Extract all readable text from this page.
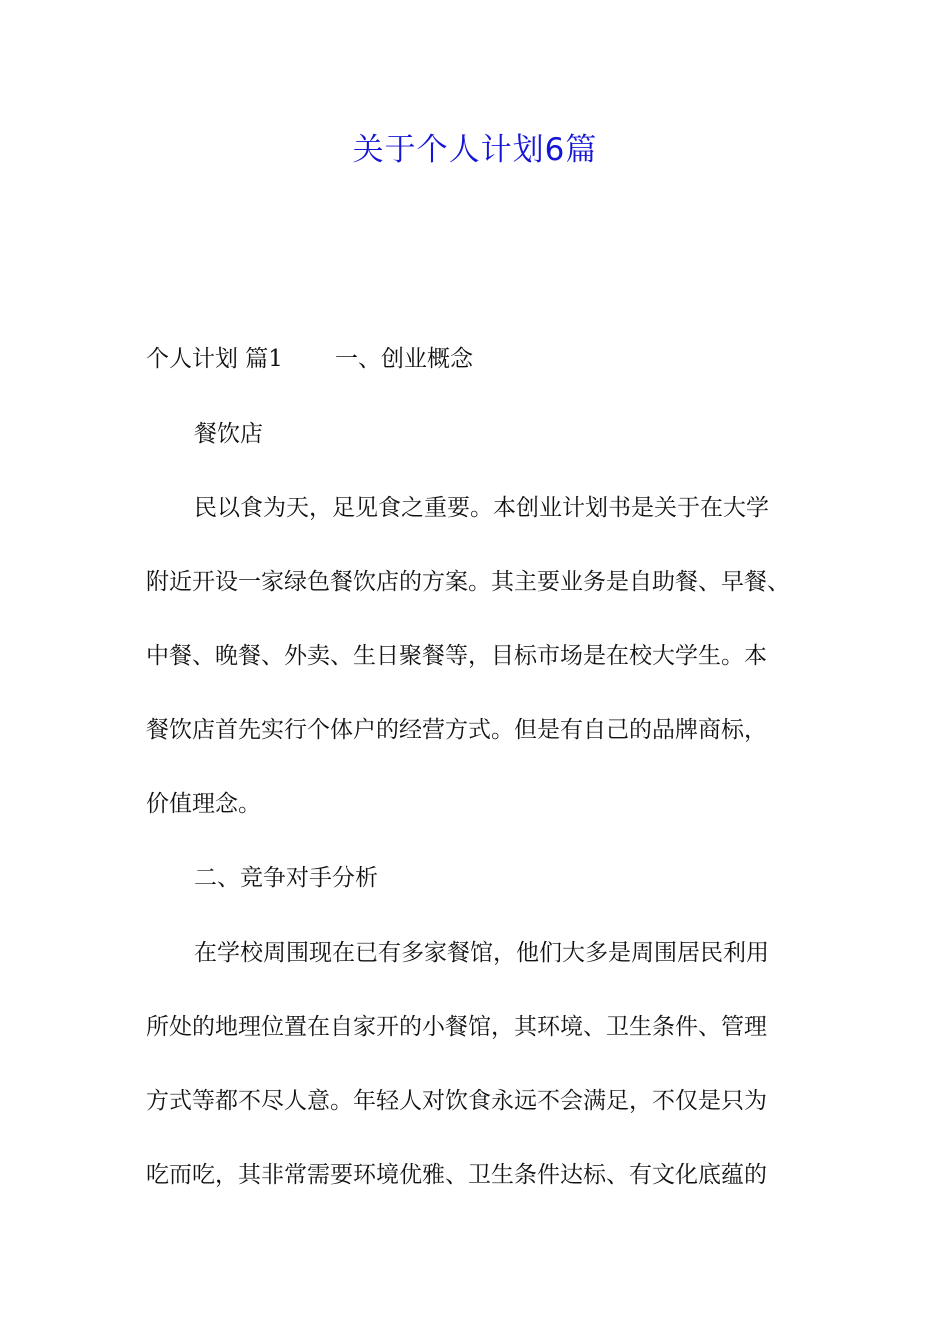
关于个人计划6篇

个人计划 篇1 一、创业概念

餐饮店

民以食为天，足见食之重要。本创业计划书是关于在大学

附近开设一家绿色餐饮店的方案。其主要业务是自助餐、早餐、

中餐、晚餐、外卖、生日聚餐等，目标市场是在校大学生。本

餐饮店首先实行个体户的经营方式。但是有自己的品牌商标，

价值理念。

二、竞争对手分析

在学校周围现在已有多家餐馆，他们大多是周围居民利用

所处的地理位置在自家开的小餐馆，其环境、卫生条件、管理

方式等都不尽人意。年轻人对饮食永远不会满足，不仅是只为

吃而吃，其非常需要环境优雅、卫生条件达标、有文化底蕴的
